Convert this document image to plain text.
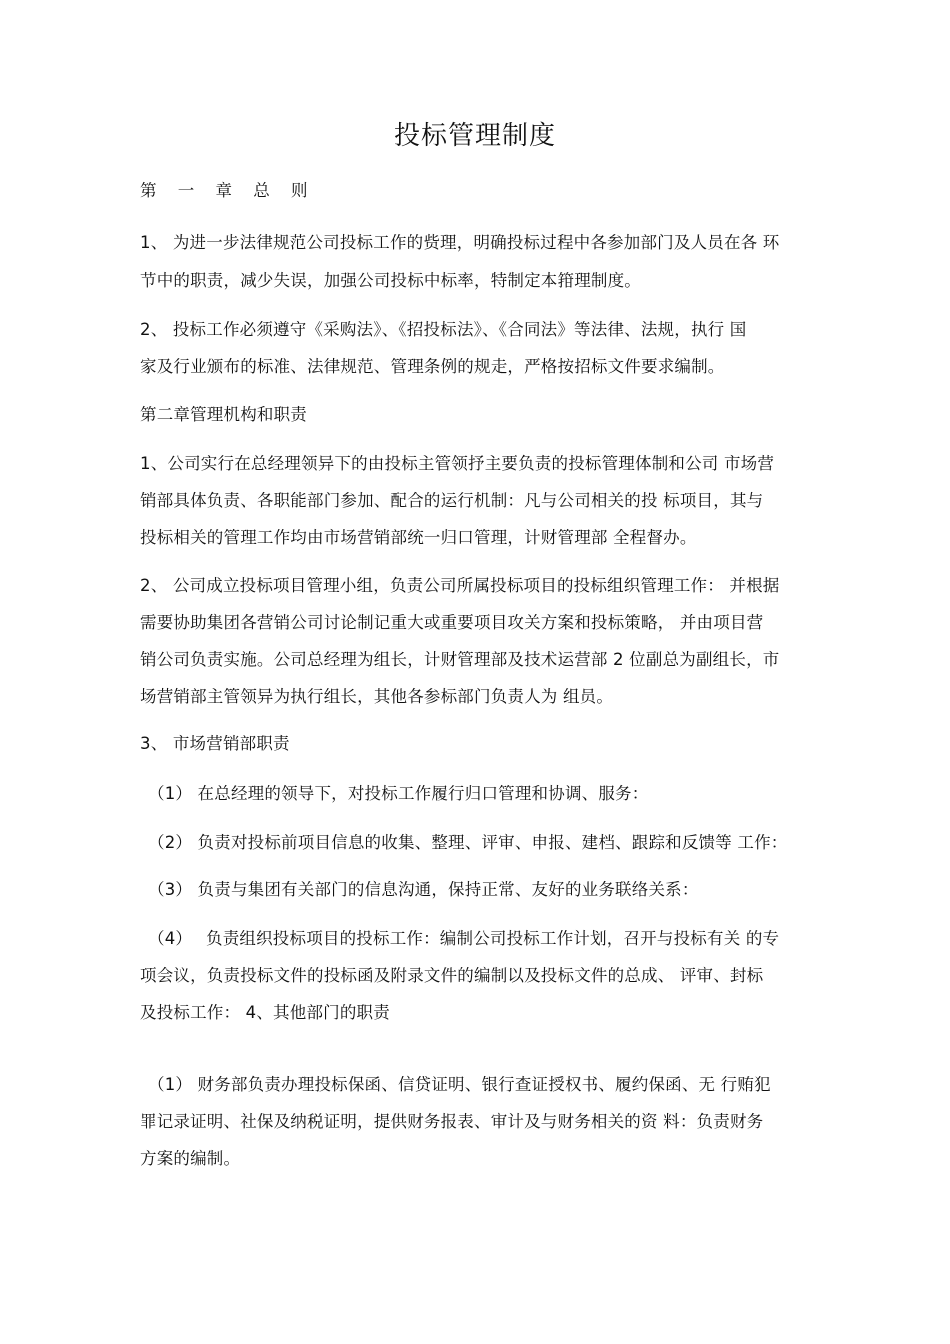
投标管理制度
第 一 章 总 则
1、 为进一步法律规范公司投标工作的赀理，明确投标过程中各参加部门及人员在各 环
节中的职责，减少失误，加强公司投标中标率，特制定本箝理制度。
2、 投标工作必须遵守《采购法》、《招投标法》、《合同法》等法律、法规，执行 国
家及行业颁布的标准、法律规范、管理条例的规走，严格按招标文件要求编制。
第二章管理机构和职责
1、公司实行在总经理领异下的由投标主管领抒主要负责的投标管理体制和公司 市场营
销部具体负责、各职能部门参加、配合的运行机制：凡与公司相关的投 标项目，其与
投标相关的管理工作均由市场营销部统一归口管理，计财管理部 全程督办。
2、 公司成立投标项目管理小组，负责公司所属投标项目的投标组织管理工作： 并根据
需要协助集团各营销公司讨论制记重大或重要项目攻关方案和投标策略， 并由项目营
销公司负责实施。公司总经理为组长，计财管理部及技术运营部 2 位副总为副组长，市
场营销部主管领异为执行组长，其他各参标部门负责人为 组员。
3、 市场营销部职责
（1） 在总经理的领导下，对投标工作履行归口管理和协调、服务：
（2） 负责对投标前项目信息的收集、整理、评审、申报、建档、跟踪和反馈等 工作：
（3） 负责与集团有关部门的信息沟通，保持正常、友好的业务联络关系：
（4）　 负责组织投标项目的投标工作：编制公司投标工作计划，召开与投标有关 的专
项会议，负责投标文件的投标函及附录文件的编制以及投标文件的总成、 评审、封标
及投标工作： 4、其他部门的职责
（1） 财务部负责办理投标保函、信贷证明、银行查证授权书、履约保函、无 行贿犯
罪记录证明、社保及纳税证明，提供财务报表、审计及与财务相关的资 料：负责财务
方案的编制。
